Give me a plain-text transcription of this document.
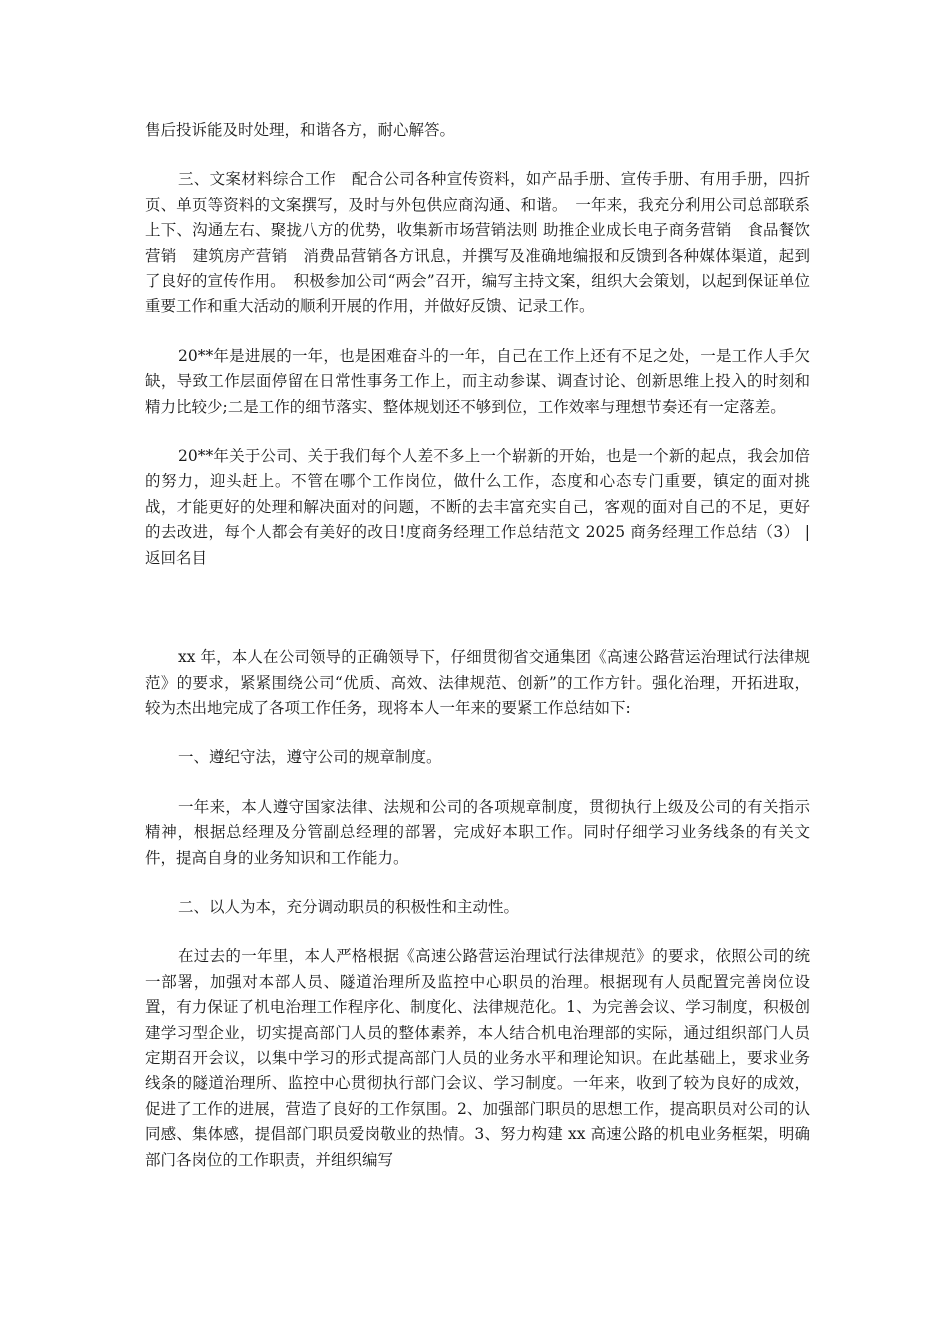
售后投诉能及时处理，和谐各方，耐心解答。

三、文案材料综合工作　配合公司各种宣传资料，如产品手册、宣传手册、有用手册，四折页、单页等资料的文案撰写，及时与外包供应商沟通、和谐。　一年来，我充分利用公司总部联系上下、沟通左右、聚拢八方的优势，收集新市场营销法则 助推企业成长电子商务营销　食品餐饮营销　建筑房产营销　消费品营销各方讯息，并撰写及准确地编报和反馈到各种媒体渠道，起到了良好的宣传作用。　积极参加公司“两会”召开，编写主持文案，组织大会策划，以起到保证单位重要工作和重大活动的顺利开展的作用，并做好反馈、记录工作。

20**年是进展的一年，也是困难奋斗的一年，自己在工作上还有不足之处，一是工作人手欠缺，导致工作层面停留在日常性事务工作上，而主动参谋、调查讨论、创新思维上投入的时刻和精力比较少;二是工作的细节落实、整体规划还不够到位，工作效率与理想节奏还有一定落差。

20**年关于公司、关于我们每个人差不多上一个崭新的开始，也是一个新的起点，我会加倍的努力，迎头赶上。不管在哪个工作岗位，做什么工作，态度和心态专门重要，镇定的面对挑战，才能更好的处理和解决面对的问题，不断的去丰富充实自己，客观的面对自己的不足，更好的去改进，每个人都会有美好的改日!度商务经理工作总结范文 2025 商务经理工作总结（3） | 返回名目

xx 年，本人在公司领导的正确领导下，仔细贯彻省交通集团《高速公路营运治理试行法律规范》的要求，紧紧围绕公司“优质、高效、法律规范、创新”的工作方针。强化治理，开拓进取，较为杰出地完成了各项工作任务，现将本人一年来的要紧工作总结如下:

一、遵纪守法，遵守公司的规章制度。

一年来，本人遵守国家法律、法规和公司的各项规章制度，贯彻执行上级及公司的有关指示精神，根据总经理及分管副总经理的部署，完成好本职工作。同时仔细学习业务线条的有关文件，提高自身的业务知识和工作能力。

二、以人为本，充分调动职员的积极性和主动性。

在过去的一年里，本人严格根据《高速公路营运治理试行法律规范》的要求，依照公司的统一部署，加强对本部人员、隧道治理所及监控中心职员的治理。根据现有人员配置完善岗位设置，有力保证了机电治理工作程序化、制度化、法律规范化。1、为完善会议、学习制度，积极创建学习型企业，切实提高部门人员的整体素养，本人结合机电治理部的实际，通过组织部门人员定期召开会议，以集中学习的形式提高部门人员的业务水平和理论知识。在此基础上，要求业务线条的隧道治理所、监控中心贯彻执行部门会议、学习制度。一年来，收到了较为良好的成效，促进了工作的进展，营造了良好的工作氛围。2、加强部门职员的思想工作，提高职员对公司的认同感、集体感，提倡部门职员爱岗敬业的热情。3、努力构建 xx 高速公路的机电业务框架，明确部门各岗位的工作职责，并组织编写
